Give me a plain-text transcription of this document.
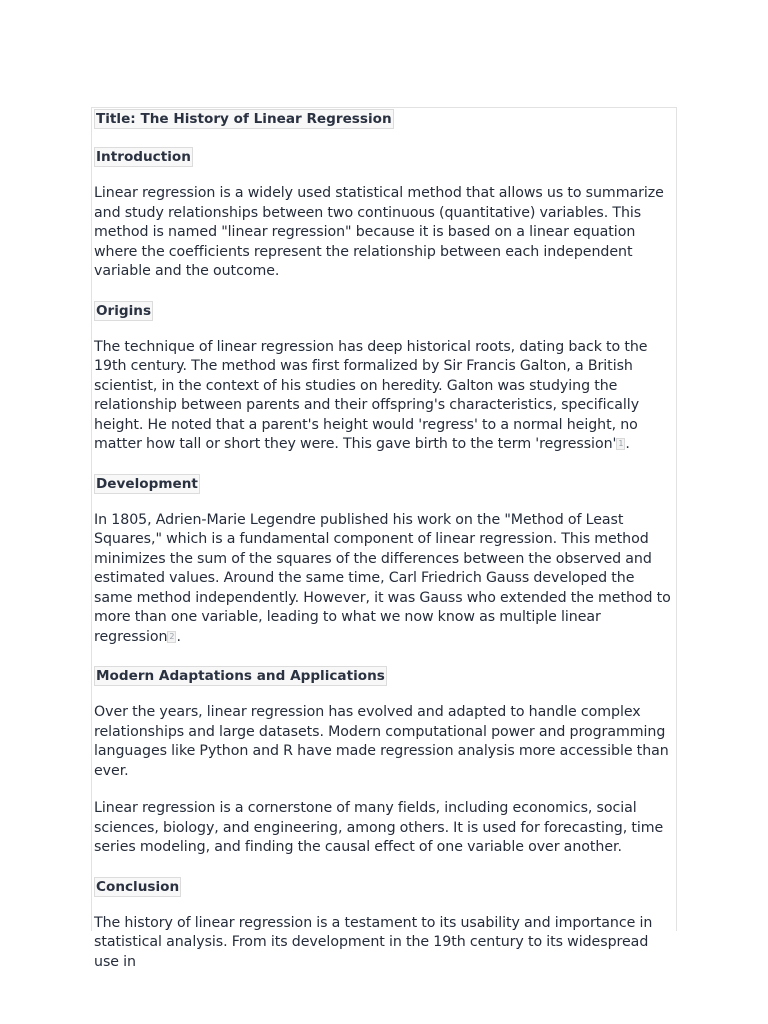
Title: The History of Linear Regression
Introduction

Linear regression is a widely used statistical method that allows us to summarize and study relationships between two continuous (quantitative) variables. This method is named "linear regression" because it is based on a linear equation where the coefficients represent the relationship between each independent variable and the outcome.

Origins

The technique of linear regression has deep historical roots, dating back to the 19th century. The method was first formalized by Sir Francis Galton, a British scientist, in the context of his studies on heredity. Galton was studying the relationship between parents and their offspring's characteristics, specifically height. He noted that a parent's height would 'regress' to a normal height, no matter how tall or short they were. This gave birth to the term 'regression' 1 .

Development

In 1805, Adrien-Marie Legendre published his work on the "Method of Least Squares," which is a fundamental component of linear regression. This method minimizes the sum of the squares of the differences between the observed and estimated values. Around the same time, Carl Friedrich Gauss developed the same method independently. However, it was Gauss who extended the method to more than one variable, leading to what we now know as multiple linear regression 2 .

Modern Adaptations and Applications

Over the years, linear regression has evolved and adapted to handle complex relationships and large datasets. Modern computational power and programming languages like Python and R have made regression analysis more accessible than ever.

Linear regression is a cornerstone of many fields, including economics, social sciences, biology, and engineering, among others. It is used for forecasting, time series modeling, and finding the causal effect of one variable over another.

Conclusion

The history of linear regression is a testament to its usability and importance in statistical analysis. From its development in the 19th century to its widespread use in
